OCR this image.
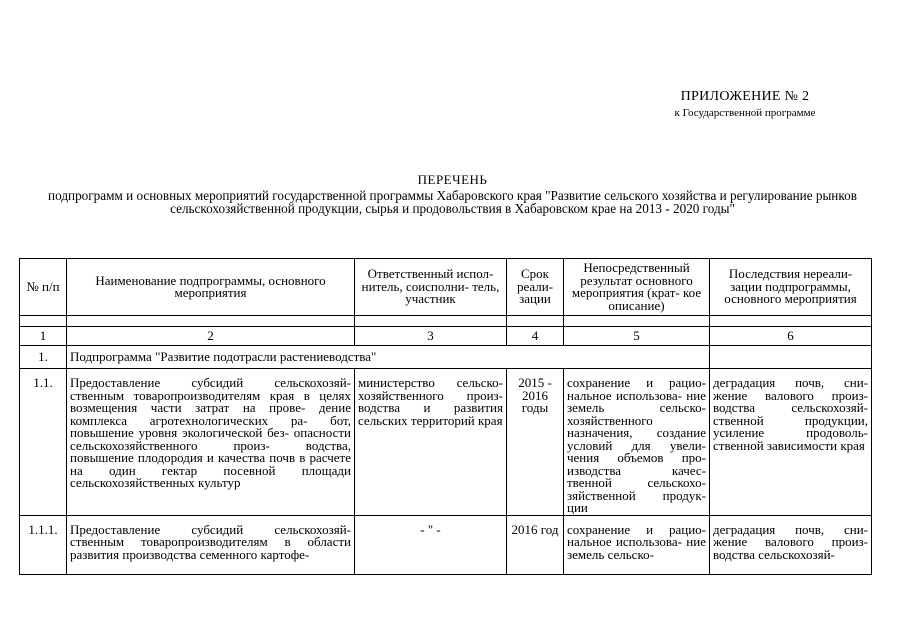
ПРИЛОЖЕНИЕ № 2
к Государственной программе
ПЕРЕЧЕНЬ
подпрограмм и основных мероприятий государственной программы Хабаровского края "Развитие сельского хозяйства и регулирование рынков сельскохозяйственной продукции, сырья и продовольствия в Хабаровском крае на 2013 - 2020 годы"
№ п/п	Наименование подпрограммы, основного мероприятия	Ответственный испол- нитель, соисполни- тель, участник	Срок реали- зации	Непосредственный результат основного мероприятия (крат- кое описание)	Последствия нереали- зации подпрограммы, основного мероприятия

1	2	3	4	5	6
1.	Подпрограмма "Развитие подотрасли растениеводства"				
1.1.	Предоставление субсидий сельскохозяй- ственным товаропроизводителям края в целях возмещения части затрат на прове- дение комплекса агротехнологических ра- бот, повышение уровня экологической без- опасности сельскохозяйственного произ- водства, повышение плодородия и качества почв в расчете на один гектар посевной площади сельскохозяйственных культур	министерство сельско- хозяйственного произ- водства и развития сельских территорий края	2015 - 2016 годы	сохранение и рацио- нальное использова- ние земель сельско- хозяйственного назначения, создание условий для увели- чения объемов про- изводства качес- твенной сельскохо- зяйственной продук- ции	деградация почв, сни- жение валового произ- водства сельскохозяй- ственной продукции, усиление продоволь- ственной зависимости края
1.1.1.	Предоставление субсидий сельскохозяй- ственным товаропроизводителям в области развития производства семенного картофе-	- " -	2016 год	сохранение и рацио- нальное использова- ние земель сельско-	деградация почв, сни- жение валового произ- водства сельскохозяй-
